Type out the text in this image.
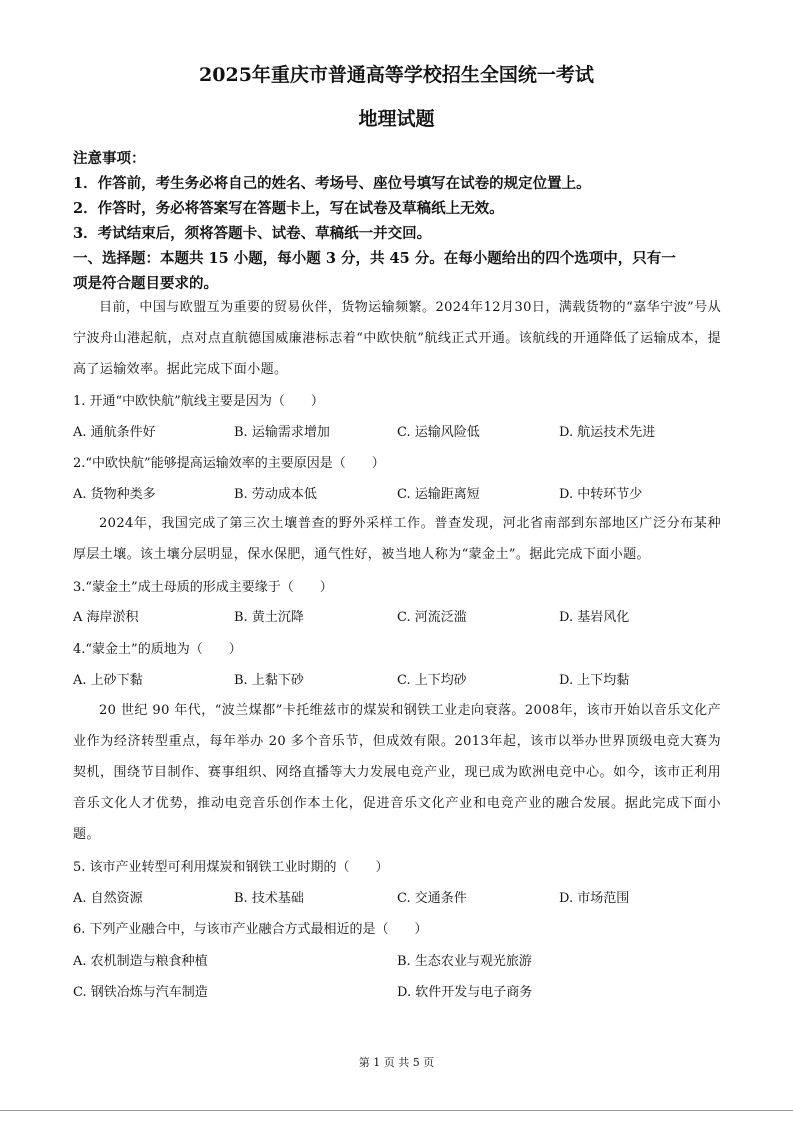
2025年重庆市普通高等学校招生全国统一考试
地理试题
注意事项：
1．作答前，考生务必将自己的姓名、考场号、座位号填写在试卷的规定位置上。
2．作答时，务必将答案写在答题卡上，写在试卷及草稿纸上无效。
3．考试结束后，须将答题卡、试卷、草稿纸一并交回。
一、选择题：本题共 15 小题，每小题 3 分，共 45 分。在每小题给出的四个选项中，只有一
项是符合题目要求的。
目前，中国与欧盟互为重要的贸易伙伴，货物运输频繁。2024年12月30日，满载货物的“嘉华宁波”号从宁波舟山港起航，点对点直航德国威廉港标志着“中欧快航”航线正式开通。该航线的开通降低了运输成本，提高了运输效率。据此完成下面小题。
1. 开通“中欧快航”航线主要是因为（　　）
A. 通航条件好	B. 运输需求增加	C. 运输风险低	D. 航运技术先进
2.“中欧快航”能够提高运输效率的主要原因是（　　）
A. 货物种类多	B. 劳动成本低	C. 运输距离短	D. 中转环节少
2024年，我国完成了第三次土壤普查的野外采样工作。普查发现，河北省南部到东部地区广泛分布某种厚层土壤。该土壤分层明显，保水保肥，通气性好，被当地人称为“蒙金土”。据此完成下面小题。
3.“蒙金土”成土母质的形成主要缘于（　　）
A 海岸淤积	B. 黄土沉降	C. 河流泛滥	D. 基岩风化
4.“蒙金土”的质地为（　　）
A. 上砂下黏	B. 上黏下砂	C. 上下均砂	D. 上下均黏
20 世纪 90 年代，“波兰煤都”卡托维兹市的煤炭和钢铁工业走向衰落。2008年，该市开始以音乐文化产业作为经济转型重点，每年举办 20 多个音乐节，但成效有限。2013年起，该市以举办世界顶级电竞大赛为契机，围绕节目制作、赛事组织、网络直播等大力发展电竞产业，现已成为欧洲电竞中心。如今，该市正利用音乐文化人才优势，推动电竞音乐创作本土化，促进音乐文化产业和电竞产业的融合发展。据此完成下面小题。
5. 该市产业转型可利用煤炭和钢铁工业时期的（　　）
A. 自然资源	B. 技术基础	C. 交通条件	D. 市场范围
6. 下列产业融合中，与该市产业融合方式最相近的是（　　）
A. 农机制造与粮食种植	B. 生态农业与观光旅游
C. 钢铁冶炼与汽车制造	D. 软件开发与电子商务
第 1 页 共 5 页
